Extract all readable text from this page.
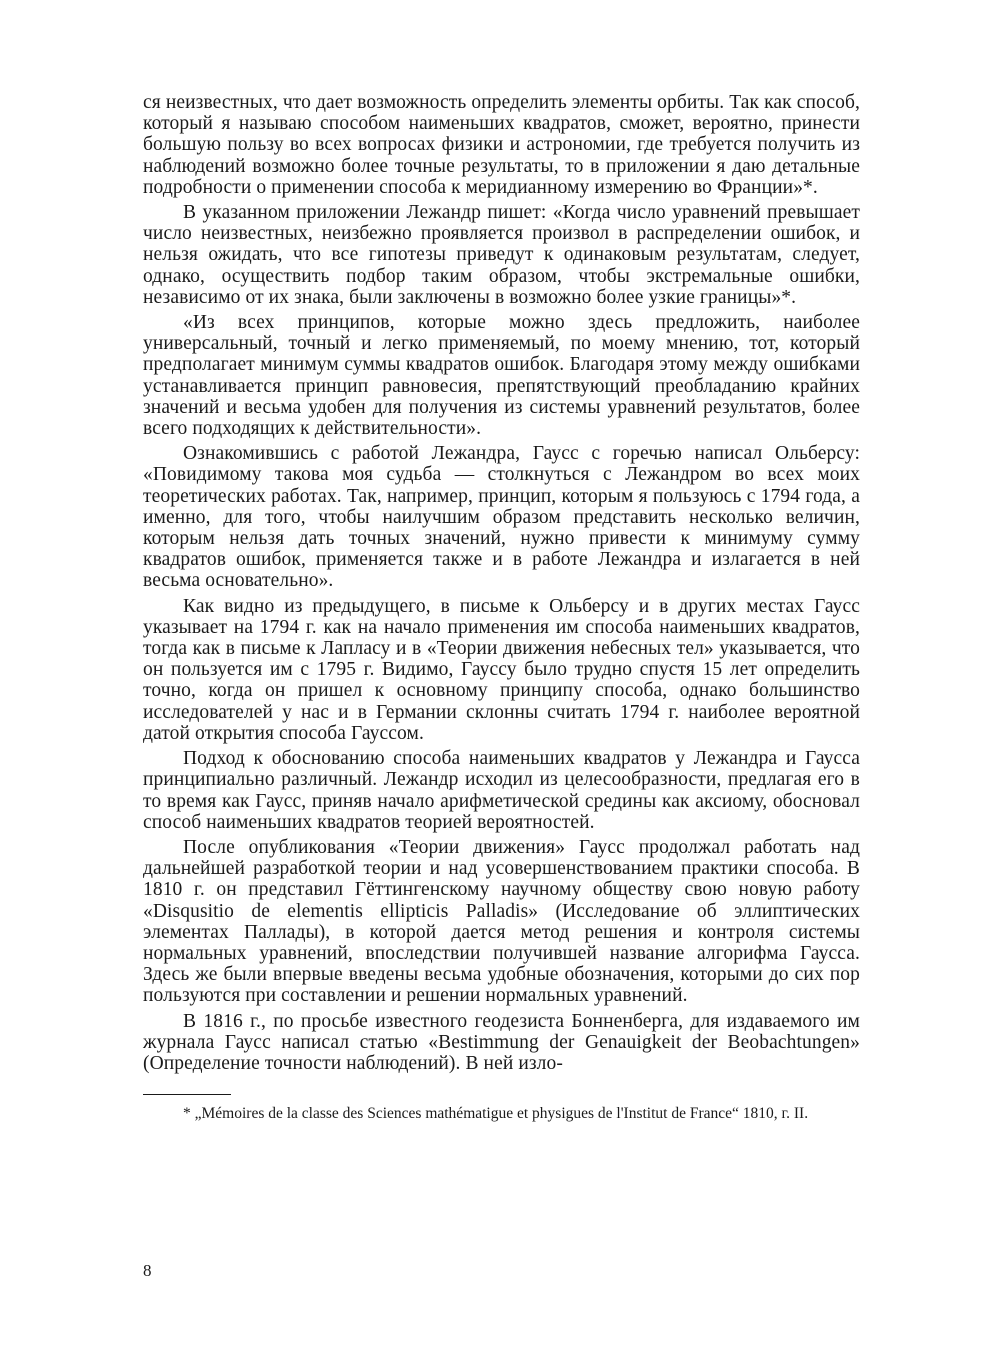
ся неизвестных, что дает возможность определить элементы орбиты. Так как способ, который я называю способом наименьших квадратов, сможет, вероятно, принести большую пользу во всех вопросах физики и астрономии, где требуется получить из наблюдений возможно более точные результаты, то в приложении я даю детальные подробности о применении способа к меридианному измерению во Франции»*.

В указанном приложении Лежандр пишет: «Когда число уравнений превышает число неизвестных, неизбежно проявляется произвол в распределении ошибок, и нельзя ожидать, что все гипотезы приведут к одинаковым результатам, следует, однако, осуществить подбор таким образом, чтобы экстремальные ошибки, независимо от их знака, были заключены в возможно более узкие границы»*.

«Из всех принципов, которые можно здесь предложить, наиболее универсальный, точный и легко применяемый, по моему мнению, тот, который предполагает минимум суммы квадратов ошибок. Благодаря этому между ошибками устанавливается принцип равновесия, препятствующий преобладанию крайних значений и весьма удобен для получения из системы уравнений результатов, более всего подходящих к действительности».

Ознакомившись с работой Лежандра, Гаусс с горечью написал Ольберсу: «Повидимому такова моя судьба — столкнуться с Лежандром во всех моих теоретических работах. Так, например, принцип, которым я пользуюсь с 1794 года, а именно, для того, чтобы наилучшим образом представить несколько величин, которым нельзя дать точных значений, нужно привести к минимуму сумму квадратов ошибок, применяется также и в работе Лежандра и излагается в ней весьма основательно».

Как видно из предыдущего, в письме к Ольберсу и в других местах Гаусс указывает на 1794 г. как на начало применения им способа наименьших квадратов, тогда как в письме к Лапласу и в «Теории движения небесных тел» указывается, что он пользуется им с 1795 г. Видимо, Гауссу было трудно спустя 15 лет определить точно, когда он пришел к основному принципу способа, однако большинство исследователей у нас и в Германии склонны считать 1794 г. наиболее вероятной датой открытия способа Гауссом.

Подход к обоснованию способа наименьших квадратов у Лежандра и Гаусса принципиально различный. Лежандр исходил из целесообразности, предлагая его в то время как Гаусс, приняв начало арифметической средины как аксиому, обосновал способ наименьших квадратов теорией вероятностей.

После опубликования «Теории движения» Гаусс продолжал работать над дальнейшей разработкой теории и над усовершенствованием практики способа. В 1810 г. он представил Гёттингенскому научному обществу свою новую работу «Disqusitio de elementis ellipticis Palladis» (Исследование об эллиптических элементах Паллады), в которой дается метод решения и контроля системы нормальных уравнений, впоследствии получившей название алгорифма Гаусса. Здесь же были впервые введены весьма удобные обозначения, которыми до сих пор пользуются при составлении и решении нормальных уравнений.

В 1816 г., по просьбе известного геодезиста Бонненберга, для издаваемого им журнала Гаусс написал статью «Bestimmung der Genauigkeit der Beobachtungen» (Определение точности наблюдений). В ней изло-

* „Mémoires de la classe des Sciences mathématigue et physigues de l'Institut de France“ 1810, г. II.

8
